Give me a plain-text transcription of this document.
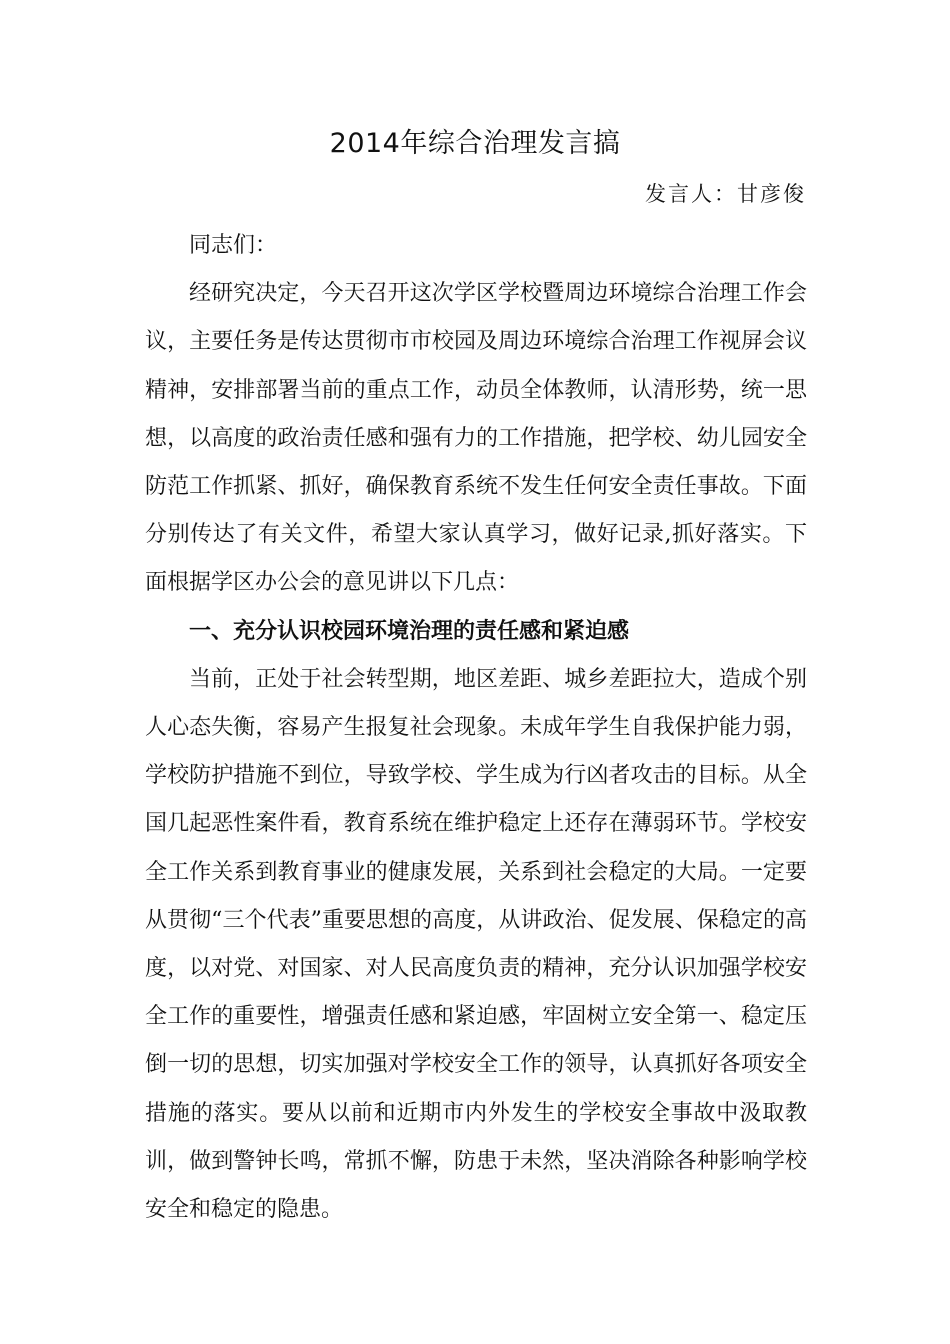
2014年综合治理发言搞

发言人：甘彦俊

同志们：

经研究决定，今天召开这次学区学校暨周边环境综合治理工作会议，主要任务是传达贯彻市市校园及周边环境综合治理工作视屏会议精神，安排部署当前的重点工作，动员全体教师，认清形势，统一思想，以高度的政治责任感和强有力的工作措施，把学校、幼儿园安全防范工作抓紧、抓好，确保教育系统不发生任何安全责任事故。下面分别传达了有关文件，希望大家认真学习，做好记录,抓好落实。下面根据学区办公会的意见讲以下几点：

一、充分认识校园环境治理的责任感和紧迫感

当前，正处于社会转型期，地区差距、城乡差距拉大，造成个别人心态失衡，容易产生报复社会现象。未成年学生自我保护能力弱，学校防护措施不到位，导致学校、学生成为行凶者攻击的目标。从全国几起恶性案件看，教育系统在维护稳定上还存在薄弱环节。学校安全工作关系到教育事业的健康发展，关系到社会稳定的大局。一定要从贯彻“三个代表”重要思想的高度，从讲政治、促发展、保稳定的高度，以对党、对国家、对人民高度负责的精神，充分认识加强学校安全工作的重要性，增强责任感和紧迫感，牢固树立安全第一、稳定压倒一切的思想，切实加强对学校安全工作的领导，认真抓好各项安全措施的落实。要从以前和近期市内外发生的学校安全事故中汲取教训，做到警钟长鸣，常抓不懈，防患于未然，坚决消除各种影响学校安全和稳定的隐患。
